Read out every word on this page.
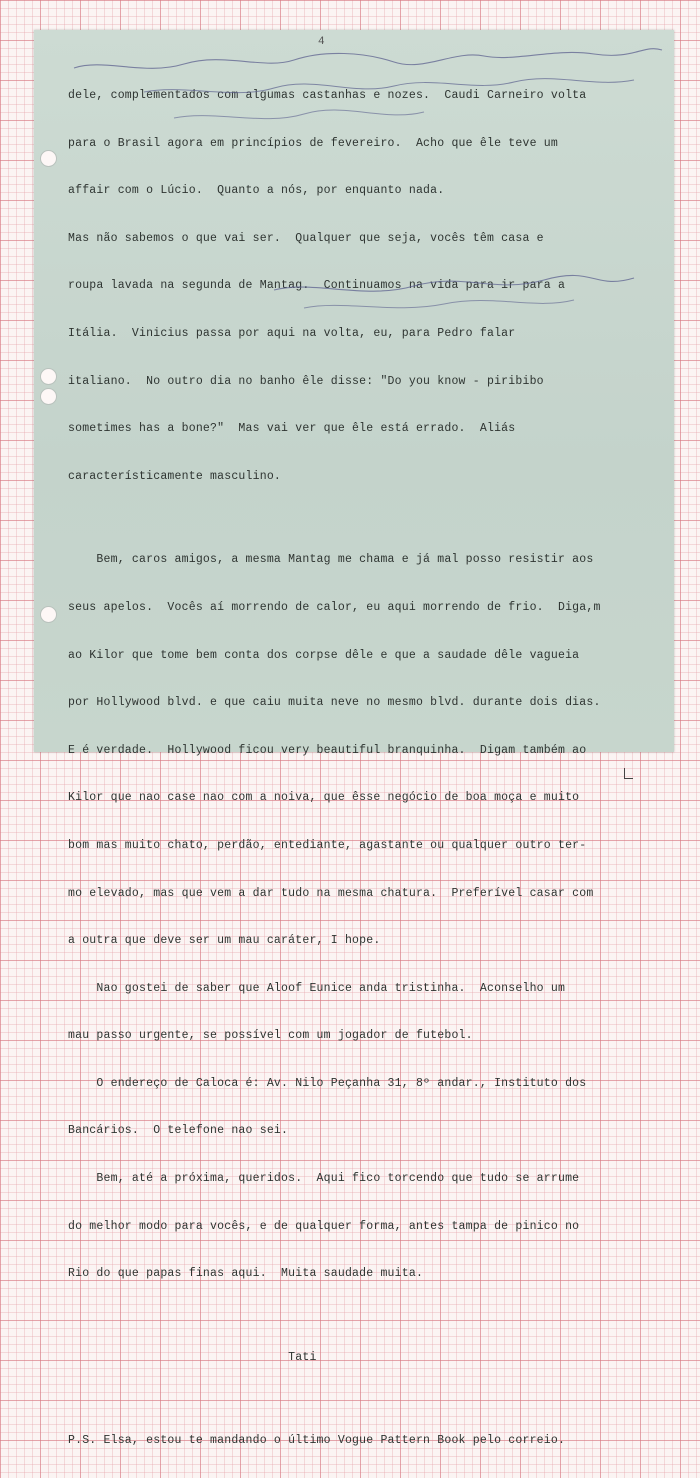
4

dele, complementados com algumas castanhas e nozes.  Caudi Carneiro volta

para o Brasil agora em princípios de fevereiro.  Acho que êle teve um

affair com o Lúcio.  Quanto a nós, por enquanto nada.

Mas não sabemos o que vai ser.  Qualquer que seja, vocês têm casa e

roupa lavada na segunda de Mantag.  Continuamos na vida para ir para a

Itália.  Vinicius passa por aqui na volta, eu, para Pedro falar

italiano.  No outro dia no banho êle disse: "Do you know - piribibo

sometimes has a bone?"  Mas vai ver que êle está errado.  Aliás

característicamente masculino.

Bem, caros amigos, a mesma Mantag me chama e já mal posso resistir aos

seus apelos.  Vocês aí morrendo de calor, eu aqui morrendo de frio.  Diga,m

ao Kilor que tome bem conta dos corpse dêle e que a saudade dêle vagueia

por Hollywood blvd. e que caiu muita neve no mesmo blvd. durante dois dias.

E é verdade.  Hollywood ficou very beautiful branquinha.  Digam também ao

Kilor que nao case nao com a noiva, que êsse negócio de boa moça e muito

bom mas muito chato, perdão, entediante, agastante ou qualquer outro ter-

mo elevado, mas que vem a dar tudo na mesma chatura.  Preferível casar com

a outra que deve ser um mau caráter, I hope.

Nao gostei de saber que Aloof Eunice anda tristinha.  Aconselho um

mau passo urgente, se possível com um jogador de futebol.

O endereço de Caloca é: Av. Nilo Peçanha 31, 8º andar., Instituto dos

Bancários.  O telefone nao sei.

Bem, até a próxima, queridos.  Aqui fico torcendo que tudo se arrume

do melhor modo para vocês, e de qualquer forma, antes tampa de pinico no

Rio do que papas finas aqui.  Muita saudade muita.

Tati

P.S. Elsa, estou te mandando o último Vogue Pattern Book pelo correio.
